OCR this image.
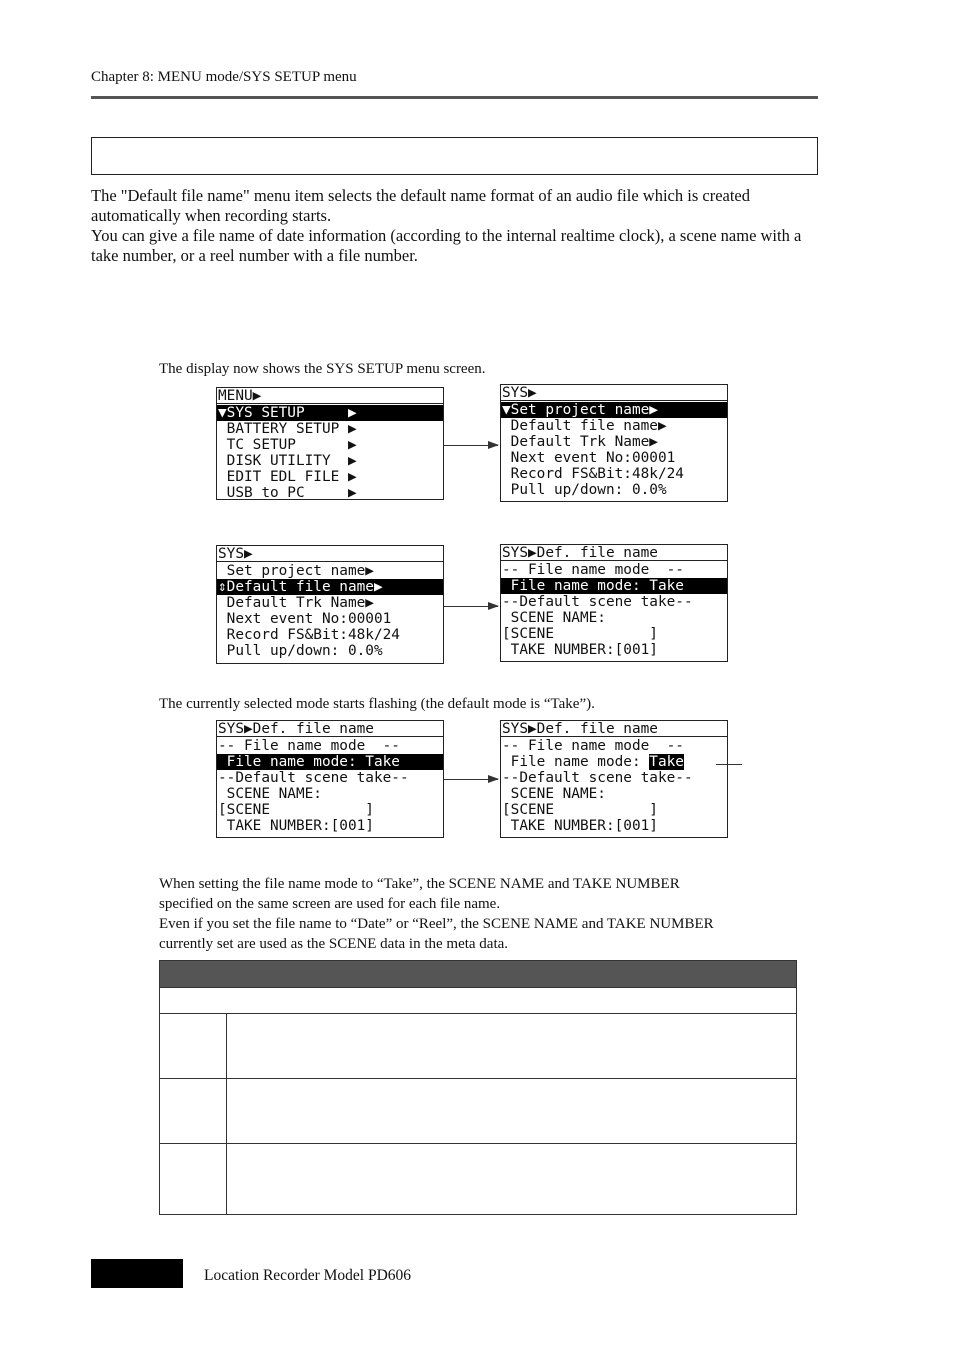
Chapter 8: MENU mode/SYS SETUP menu

The "Default file name" menu item selects the default name format of an audio file which is created automatically when recording starts.

You can give a file name of date information (according to the internal realtime clock), a scene name with a take number, or a reel number with a file number.

The display now shows the SYS SETUP menu screen.
MENU▶
▼SYS SETUP     ▶
BATTERY SETUP ▶
TC SETUP      ▶
DISK UTILITY  ▶
EDIT EDL FILE ▶
USB to PC     ▶
SYS▶
▼Set project name▶
Default file name▶
Default Trk Name▶
Next event No:00001
Record FS&Bit:48k/24
Pull up/down: 0.0%
SYS▶
Set project name▶
⇕Default file name▶
Default Trk Name▶
Next event No:00001
Record FS&Bit:48k/24
Pull up/down: 0.0%
SYS▶Def. file name
-- File name mode  --
File name mode: Take
--Default scene take--
SCENE NAME:
[SCENE           ]
TAKE NUMBER:[001]
The currently selected mode starts flashing (the default mode is “Take”).
SYS▶Def. file name
-- File name mode  --
File name mode: Take
--Default scene take--
SCENE NAME:
[SCENE           ]
TAKE NUMBER:[001]
SYS▶Def. file name
-- File name mode  --
File name mode: Take
--Default scene take--
SCENE NAME:
[SCENE           ]
TAKE NUMBER:[001]
When setting the file name mode to “Take”, the SCENE NAME and TAKE NUMBER
specified on the same screen are used for each file name.
Even if you set the file name to “Date” or “Reel”, the SCENE NAME and TAKE NUMBER
currently set are used as the SCENE data in the meta data.
Location Recorder Model PD606
